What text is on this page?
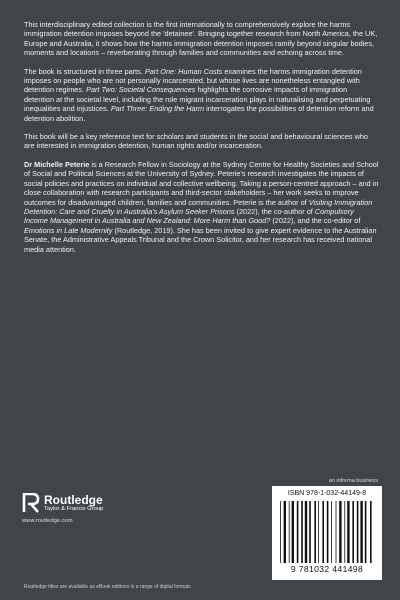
This interdisciplinary edited collection is the first internationally to comprehensively explore the harms immigration detention imposes beyond the 'detainee'. Bringing together research from North America, the UK, Europe and Australia, it shows how the harms immigration detention imposes ramify beyond singular bodies, moments and locations – reverberating through families and communities and echoing across time.

The book is structured in three parts. Part One: Human Costs examines the harms immigration detention imposes on people who are not personally incarcerated, but whose lives are nonetheless entangled with detention regimes. Part Two: Societal Consequences highlights the corrosive impacts of immigration detention at the societal level, including the role migrant incarceration plays in naturalising and perpetuating inequalities and injustices. Part Three: Ending the Harm interrogates the possibilities of detention reform and detention abolition.

This book will be a key reference text for scholars and students in the social and behavioural sciences who are interested in immigration detention, human rights and/or incarceration.

Dr Michelle Peterie is a Research Fellow in Sociology at the Sydney Centre for Healthy Societies and School of Social and Political Sciences at the University of Sydney. Peterie's research investigates the impacts of social policies and practices on individual and collective wellbeing. Taking a person-centred approach – and in close collaboration with research participants and third-sector stakeholders – her work seeks to improve outcomes for disadvantaged children, families and communities. Peterie is the author of Visiting Immigration Detention: Care and Cruelty in Australia's Asylum Seeker Prisons (2022), the co-author of Compulsory Income Management in Australia and New Zealand: More Harm than Good? (2022), and the co-editor of Emotions in Late Modernity (Routledge, 2019). She has been invited to give expert evidence to the Australian Senate, the Administrative Appeals Tribunal and the Crown Solicitor, and her research has received national media attention.

an informa business
Routledge
Taylor & Francis Group
www.routledge.com
ISBN 978-1-032-44149-8
9 781032 441498
Routledge titles are available as eBook editions in a range of digital formats
